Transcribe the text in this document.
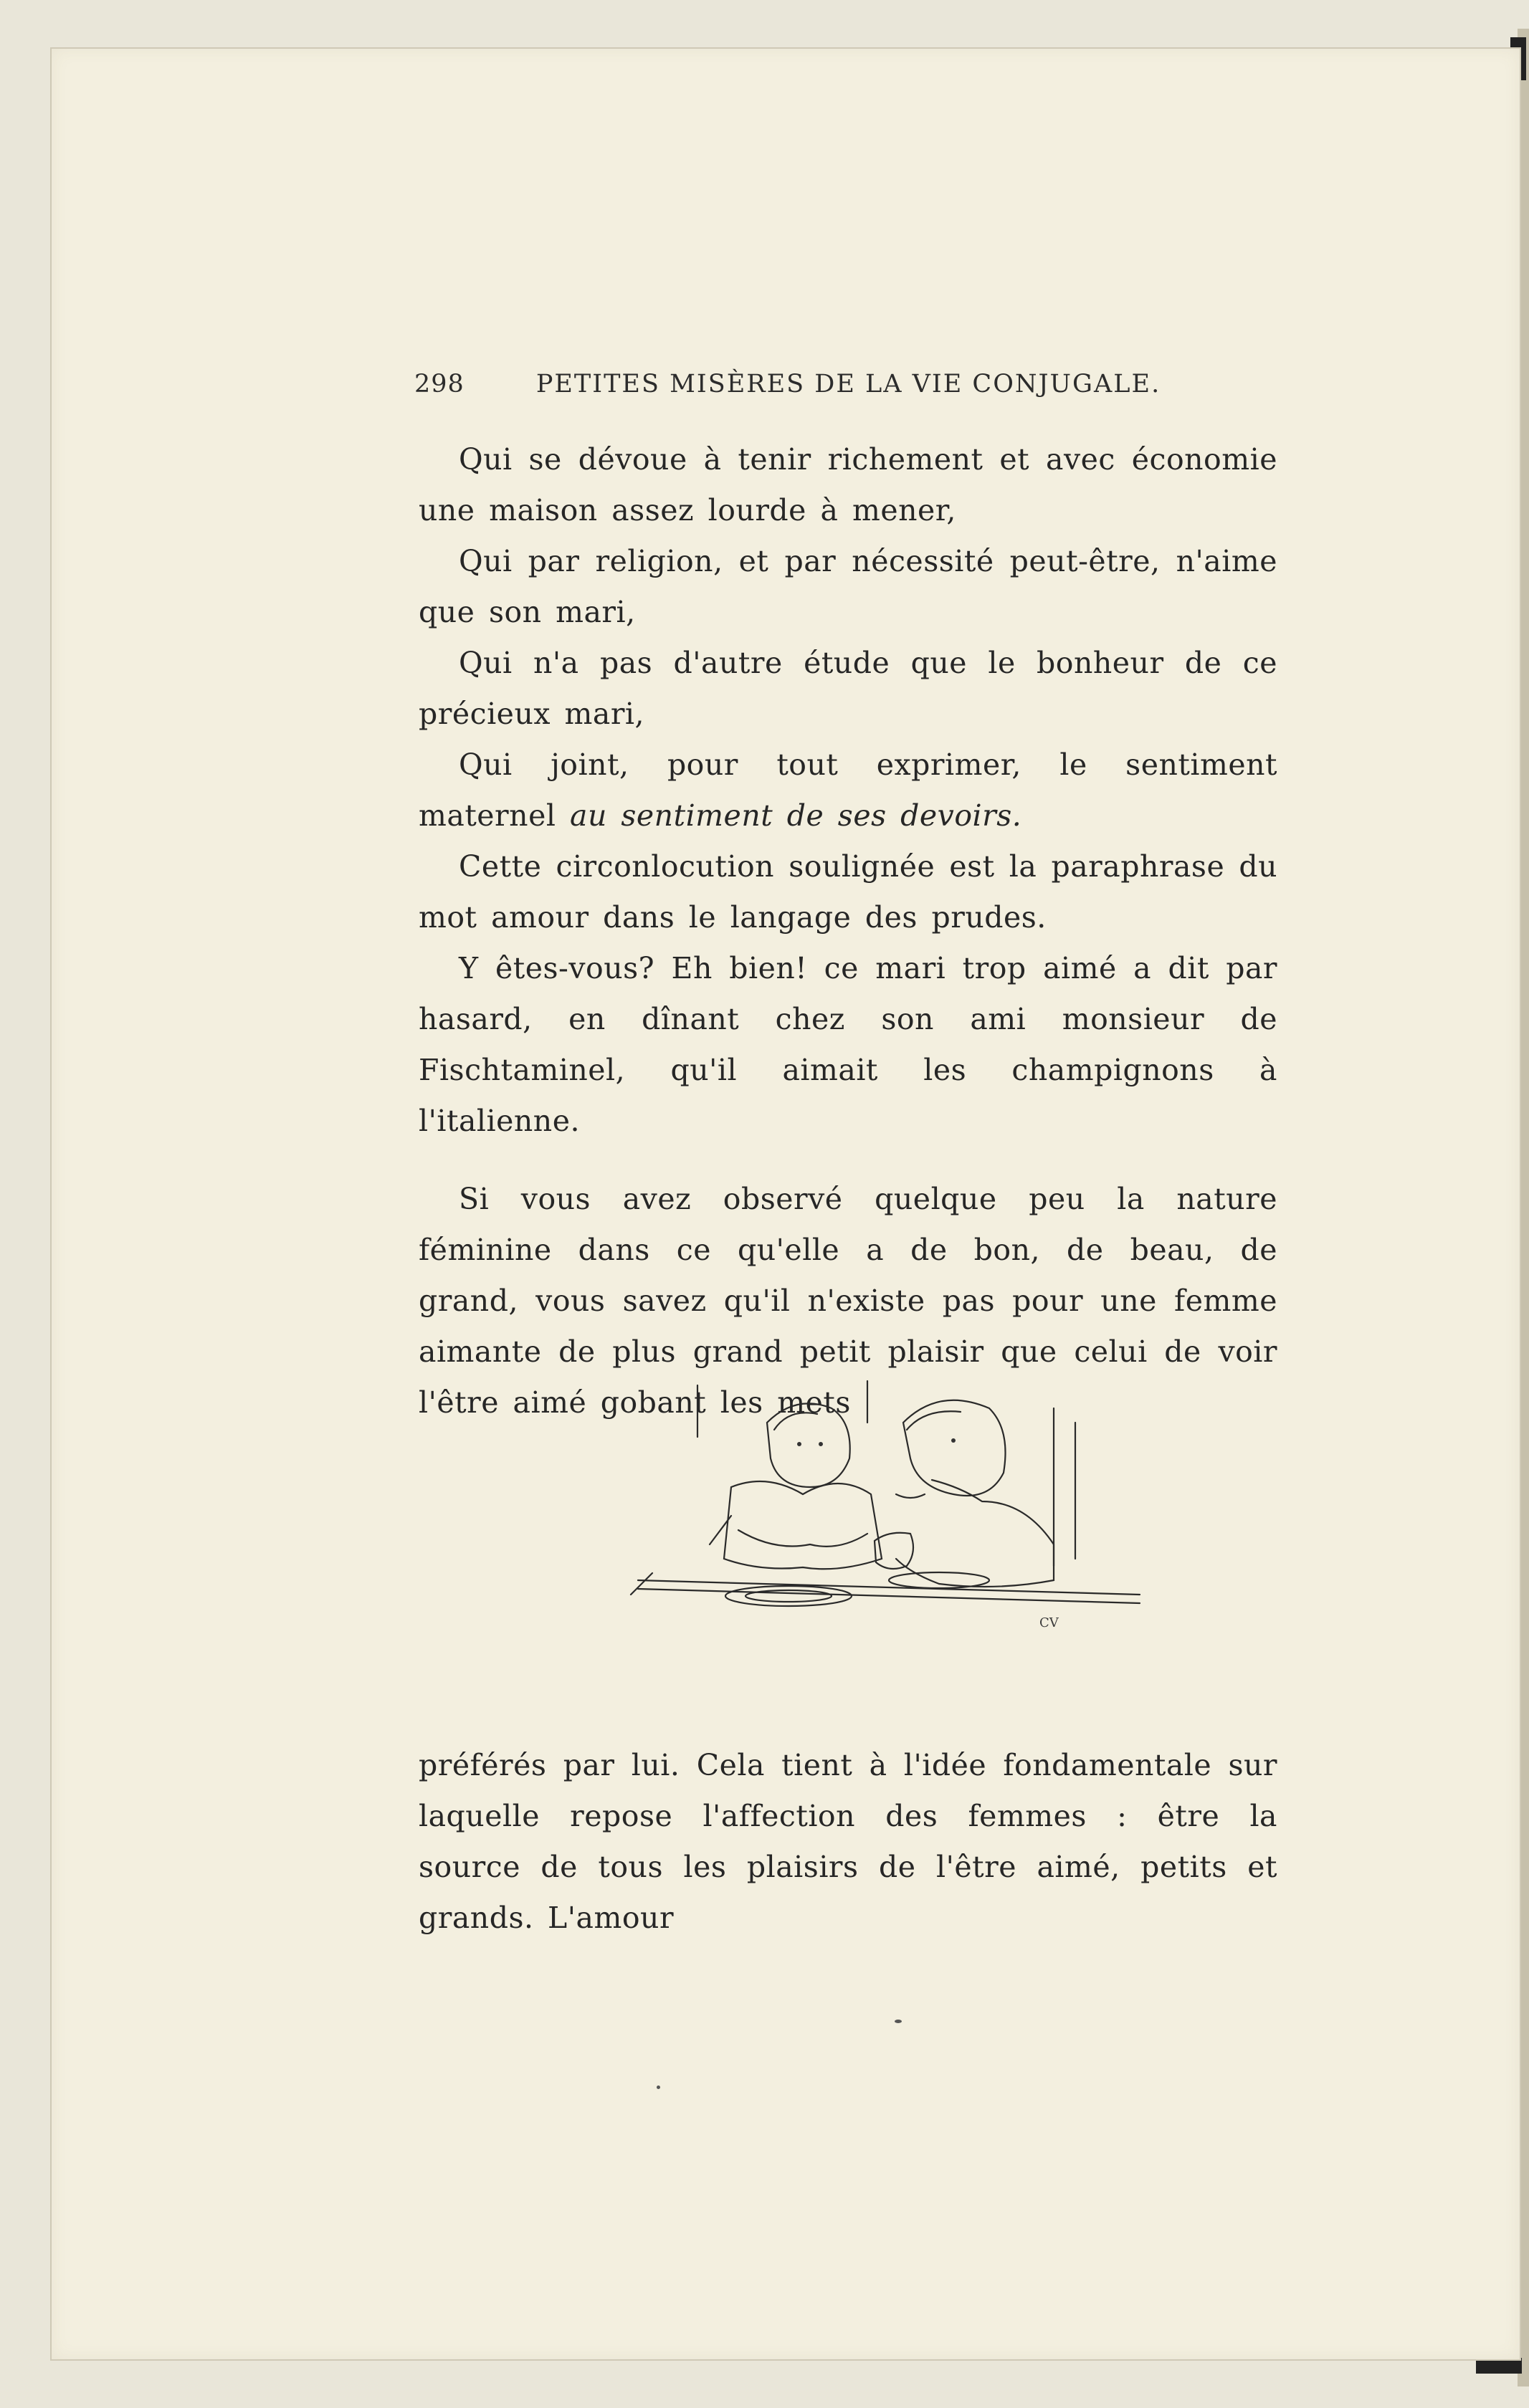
298	PETITES MISÈRES DE LA VIE CONJUGALE.

Qui se dévoue à tenir richement et avec économie une maison assez lourde à mener,

Qui par religion, et par nécessité peut-être, n'aime que son mari,

Qui n'a pas d'autre étude que le bonheur de ce précieux mari,

Qui joint, pour tout exprimer, le sentiment maternel au sentiment de ses devoirs.

Cette circonlocution soulignée est la paraphrase du mot amour dans le langage des prudes.

Y êtes-vous? Eh bien! ce mari trop aimé a dit par hasard, en dînant chez son ami monsieur de Fischtaminel, qu'il aimait les champignons à l'italienne.

Si vous avez observé quelque peu la nature féminine dans ce qu'elle a de bon, de beau, de grand, vous savez qu'il n'existe pas pour une femme aimante de plus grand petit plaisir que celui de voir l'être aimé gobant les mets

CV

préférés par lui. Cela tient à l'idée fondamentale sur laquelle repose l'affection des femmes : être la source de tous les plaisirs de l'être aimé, petits et grands. L'amour
